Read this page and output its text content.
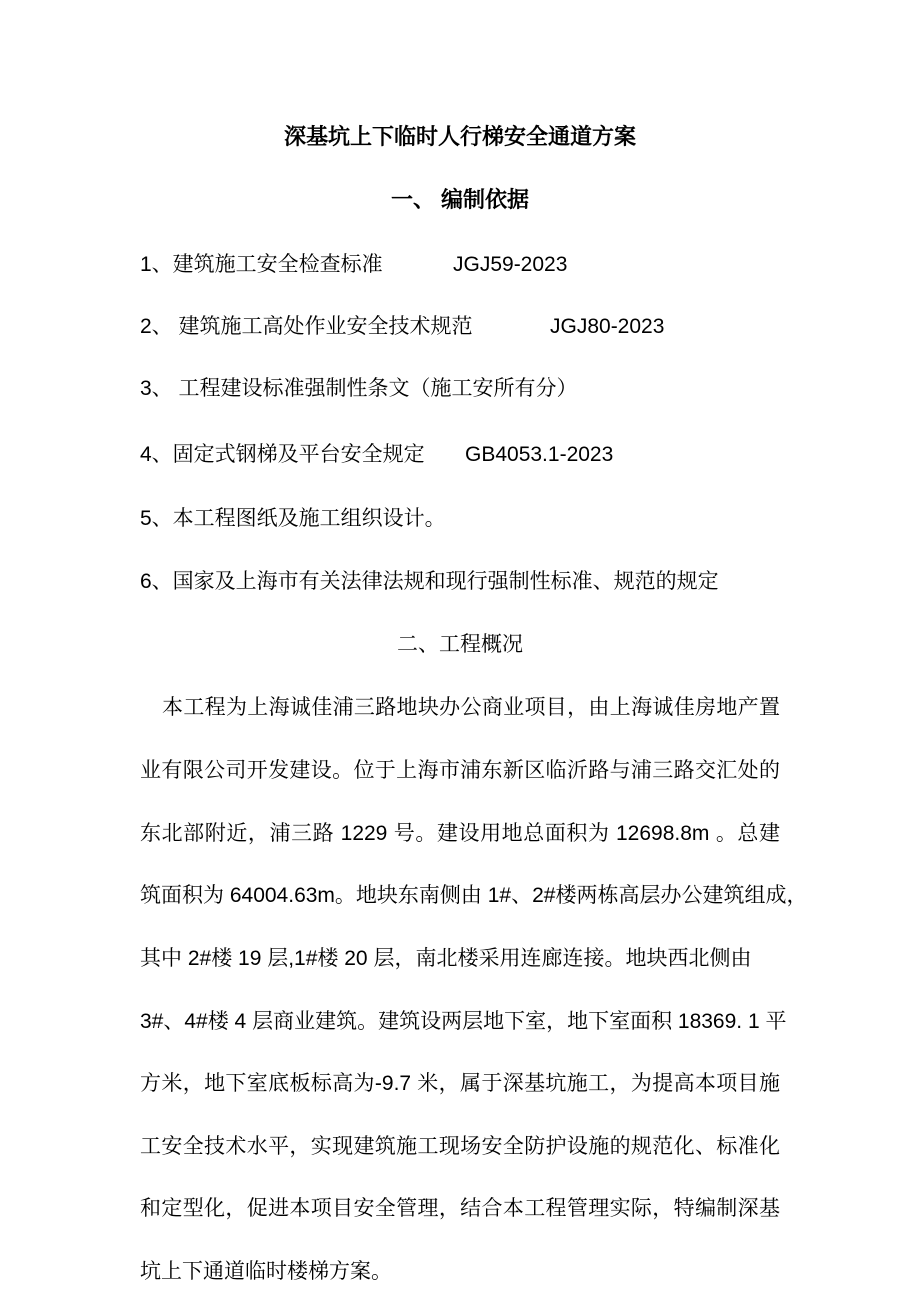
深基坑上下临时人行梯安全通道方案
一、 编制依据
1、建筑施工安全检查标准	JGJ59-2023
2、 建筑施工高处作业安全技术规范	JGJ80-2023
3、 工程建设标准强制性条文（施工安所有分）
4、固定式钢梯及平台安全规定 GB4053.1-2023
5、本工程图纸及施工组织设计。
6、国家及上海市有关法律法规和现行强制性标准、规范的规定
二、工程概况
本工程为上海诚佳浦三路地块办公商业项目，由上海诚佳房地产置
业有限公司开发建设。位于上海市浦东新区临沂路与浦三路交汇处的
东北部附近，浦三路 1229 号。建设用地总面积为 12698.8m 。总建
筑面积为 64004.63m。地块东南侧由 1#、2#楼两栋高层办公建筑组成，
其中 2#楼 19 层,1#楼 20 层，南北楼采用连廊连接。地块西北侧由
3#、4#楼 4 层商业建筑。建筑设两层地下室，地下室面积 18369. 1 平
方米，地下室底板标高为-9.7 米，属于深基坑施工，为提高本项目施
工安全技术水平，实现建筑施工现场安全防护设施的规范化、标准化
和定型化，促进本项目安全管理，结合本工程管理实际，特编制深基
坑上下通道临时楼梯方案。
